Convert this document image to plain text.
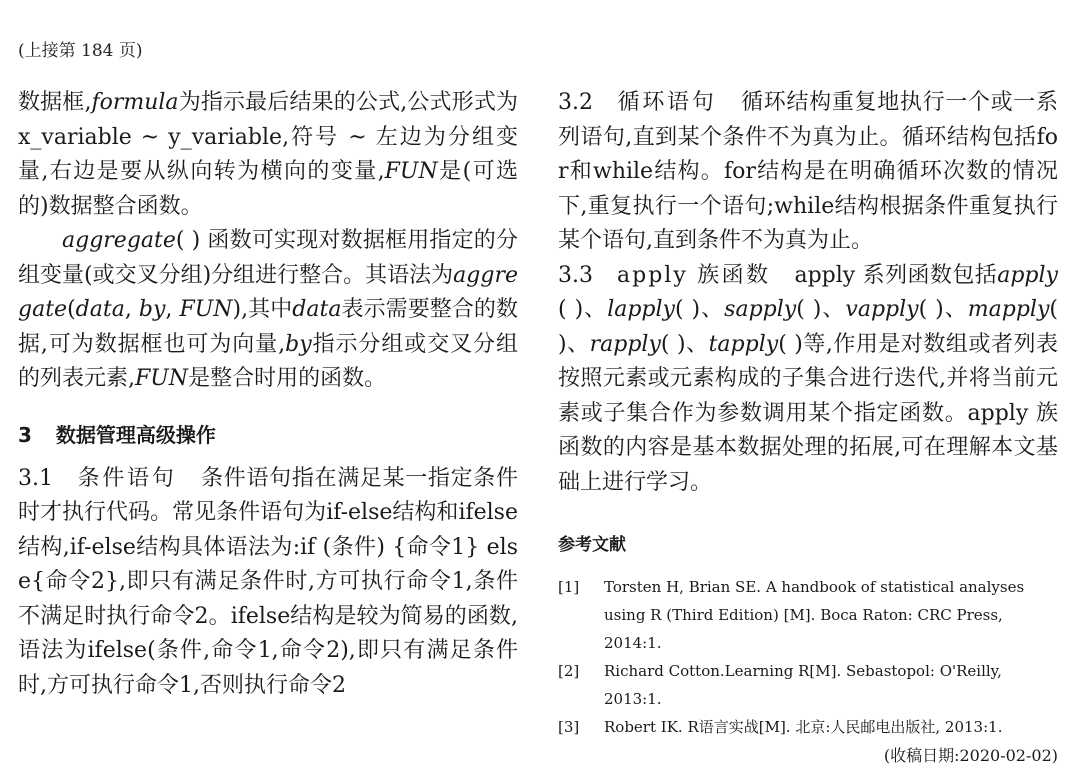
(上接第 184 页)

数据框,formula为指示最后结果的公式,公式形式为x_variable ~ y_variable,符号 ~ 左边为分组变量,右边是要从纵向转为横向的变量,FUN是(可选的)数据整合函数。

aggregate( ) 函数可实现对数据框用指定的分组变量(或交叉分组)分组进行整合。其语法为aggregate(data, by, FUN),其中data表示需要整合的数据,可为数据框也可为向量,by指示分组或交叉分组的列表元素,FUN是整合时用的函数。

3 数据管理高级操作

3.1 条件语句 条件语句指在满足某一指定条件时才执行代码。常见条件语句为if-else结构和ifelse结构,if-else结构具体语法为:if (条件) {命令1} else{命令2},即只有满足条件时,方可执行命令1,条件不满足时执行命令2。ifelse结构是较为简易的函数,语法为ifelse(条件,命令1,命令2),即只有满足条件时,方可执行命令1,否则执行命令2

3.2 循环语句 循环结构重复地执行一个或一系列语句,直到某个条件不为真为止。循环结构包括for和while结构。for结构是在明确循环次数的情况下,重复执行一个语句;while结构根据条件重复执行某个语句,直到条件不为真为止。

3.3 apply 族函数 apply 系列函数包括apply( )、lapply( )、sapply( )、vapply( )、mapply( )、rapply( )、tapply( )等,作用是对数组或者列表按照元素或元素构成的子集合进行迭代,并将当前元素或子集合作为参数调用某个指定函数。apply 族函数的内容是基本数据处理的拓展,可在理解本文基础上进行学习。

参考文献

[1] Torsten H, Brian SE. A handbook of statistical analyses using R (Third Edition) [M]. Boca Raton: CRC Press, 2014:1.

[2] Richard Cotton.Learning R[M]. Sebastopol: O'Reilly, 2013:1.

[3] Robert IK. R语言实战[M]. 北京:人民邮电出版社, 2013:1.

(收稿日期:2020-02-02)
